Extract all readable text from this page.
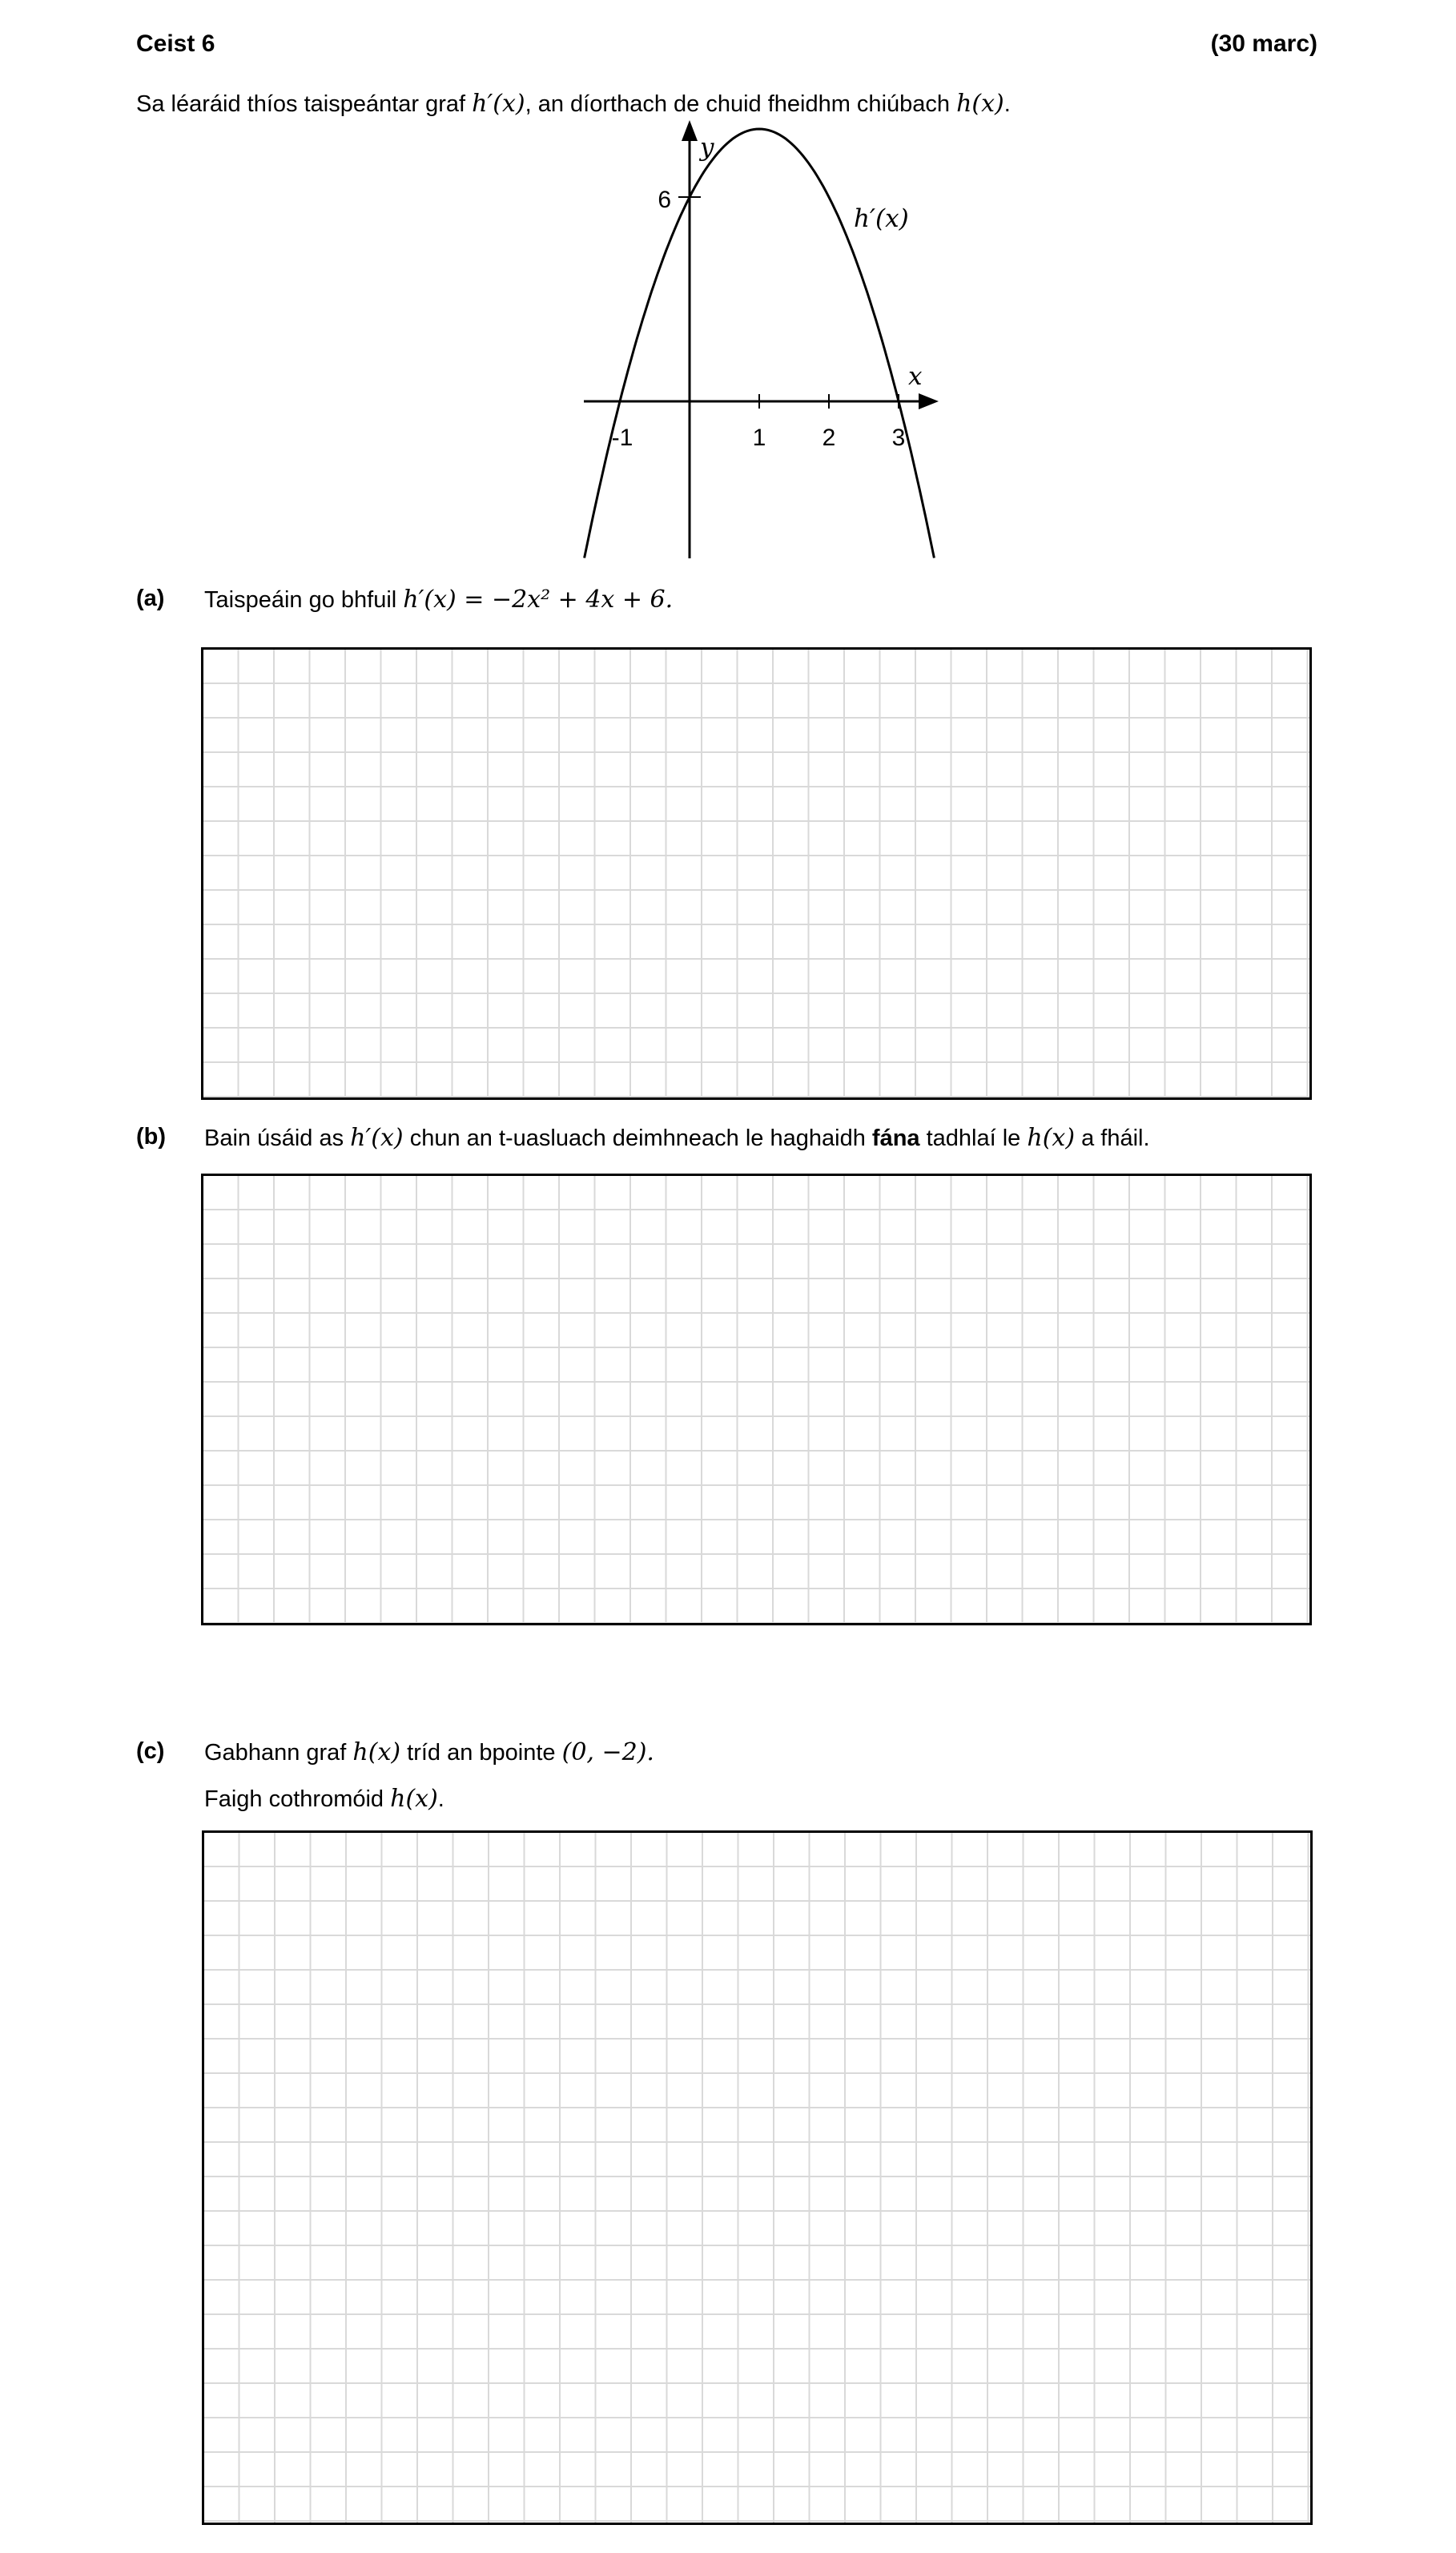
Ceist 6	(30 marc)
Sa léaráid thíos taispeántar graf h′(x), an díorthach de chuid fheidhm chiúbach h(x).
y
x
6
h′(x)
-1	1 2 3
(a) Taispeáin go bhfuil h′(x) = −2x² + 4x + 6.
(b) Bain úsáid as h′(x) chun an t-uasluach deimhneach le haghaidh fána tadhlaí le h(x) a fháil.
(c) Gabhann graf h(x) tríd an bpointe (0, −2).
Faigh cothromóid h(x).
